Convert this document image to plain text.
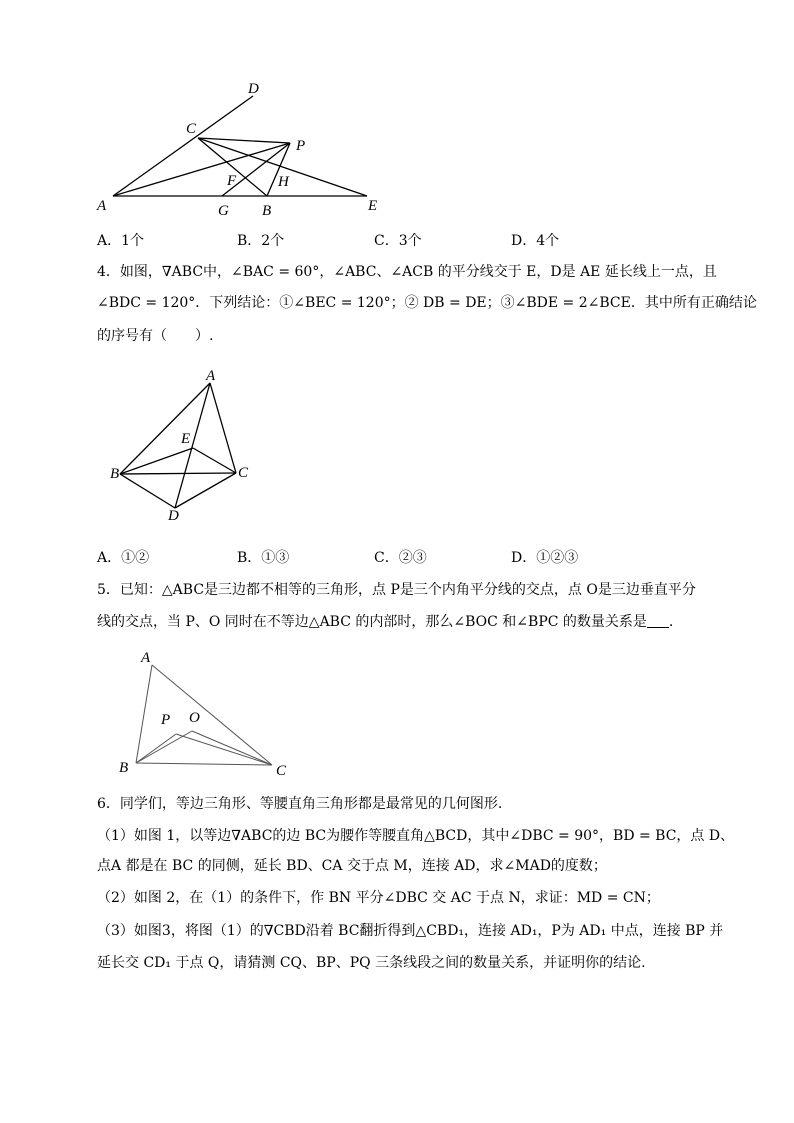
D
C
P
F	H
A	G B	E
A．1个	B．2个	C．3个	D．4个
4．如图，∇ABC中，∠BAC = 60°，∠ABC、∠ACB 的平分线交于 E，D是 AE 延长线上一点，且
∠BDC = 120°．下列结论：①∠BEC = 120°；② DB = DE；③∠BDE = 2∠BCE．其中所有正确结论
的序号有（　　）.
A
E
B	C
D
A．①②	B．①③	C．②③	D．①②③
5．已知：△ABC是三边都不相等的三角形，点 P是三个内角平分线的交点，点 O是三边垂直平分
线的交点，当 P、O 同时在不等边△ABC 的内部时，那么∠BOC 和∠BPC 的数量关系是 .
A
P O
B	C
6．同学们，等边三角形、等腰直角三角形都是最常见的几何图形.
（1）如图 1，以等边∇ABC的边 BC为腰作等腰直角△BCD，其中∠DBC = 90°，BD = BC，点 D、
点A 都是在 BC 的同侧，延长 BD、CA 交于点 M，连接 AD，求∠MAD的度数；
（2）如图 2，在（1）的条件下，作 BN 平分∠DBC 交 AC 于点 N，求证：MD = CN；
（3）如图3，将图（1）的∇CBD沿着 BC翻折得到△CBD₁，连接 AD₁，P为 AD₁ 中点，连接 BP 并
延长交 CD₁ 于点 Q，请猜测 CQ、BP、PQ 三条线段之间的数量关系，并证明你的结论.
